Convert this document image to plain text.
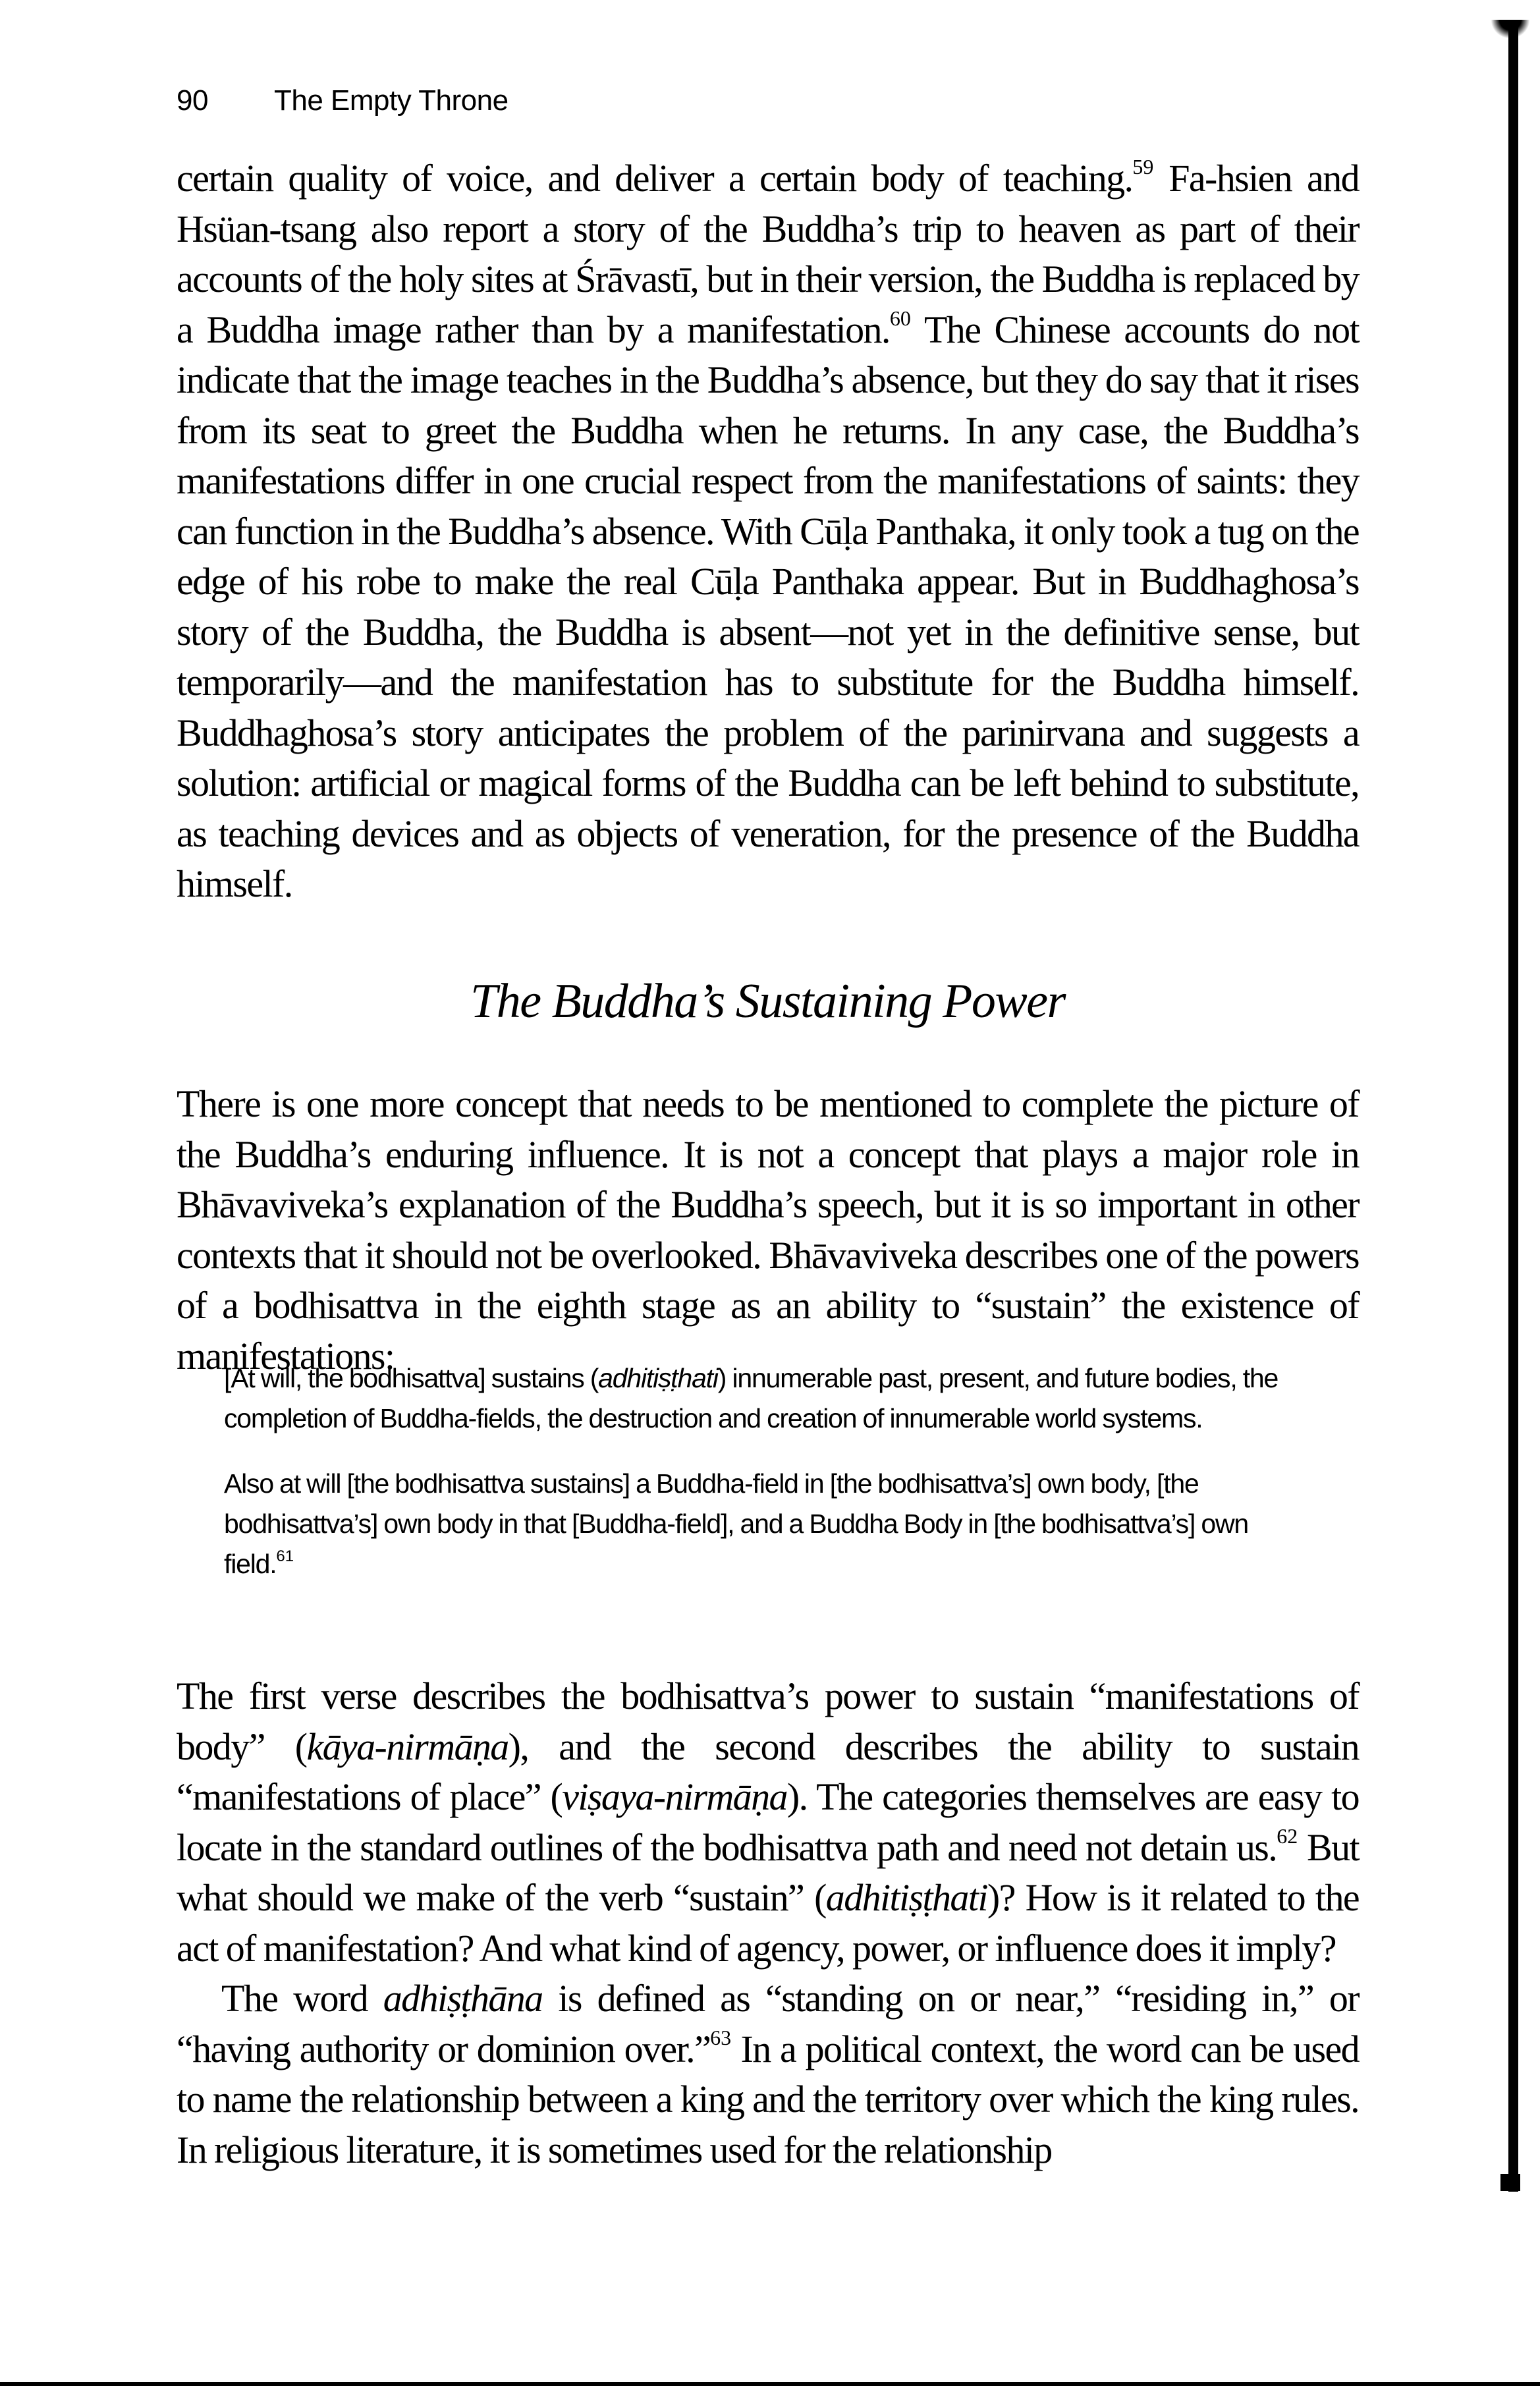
90 The Empty Throne

certain quality of voice, and deliver a certain body of teaching.$^{59}$ Fa-hsien and Hsüan-tsang also report a story of the Buddha’s trip to heaven as part of their accounts of the holy sites at Śrāvastī, but in their version, the Buddha is replaced by a Buddha image rather than by a manifestation.$^{60}$ The Chinese accounts do not indicate that the image teaches in the Buddha’s absence, but they do say that it rises from its seat to greet the Buddha when he returns. In any case, the Buddha’s manifestations differ in one crucial respect from the manifestations of saints: they can function in the Buddha’s absence. With Cūḷa Panthaka, it only took a tug on the edge of his robe to make the real Cūḷa Panthaka appear. But in Buddhaghosa’s story of the Buddha, the Buddha is absent—not yet in the definitive sense, but temporarily—and the manifestation has to substitute for the Buddha himself. Buddhaghosa’s story anticipates the problem of the parinirvana and suggests a solution: artificial or magical forms of the Buddha can be left behind to substitute, as teaching devices and as objects of veneration, for the presence of the Buddha himself.

The Buddha’s Sustaining Power

There is one more concept that needs to be mentioned to complete the picture of the Buddha’s enduring influence. It is not a concept that plays a major role in Bhāvaviveka’s explanation of the Buddha’s speech, but it is so important in other contexts that it should not be overlooked. Bhāvaviveka describes one of the powers of a bodhisattva in the eighth stage as an ability to “sustain” the existence of manifestations:

[At will, the bodhisattva] sustains (adhitiṣṭhati) innumerable past, present, and future bodies, the completion of Buddha-fields, the destruction and creation of innumerable world systems.

Also at will [the bodhisattva sustains] a Buddha-field in [the bodhisattva’s] own body, [the bodhisattva’s] own body in that [Buddha-field], and a Buddha Body in [the bodhisattva’s] own field.$^{61}$

The first verse describes the bodhisattva’s power to sustain “manifestations of body” (kāya-nirmāṇa), and the second describes the ability to sustain “manifestations of place” (viṣaya-nirmāṇa). The categories themselves are easy to locate in the standard outlines of the bodhisattva path and need not detain us.$^{62}$ But what should we make of the verb “sustain” (adhitiṣṭhati)? How is it related to the act of manifestation? And what kind of agency, power, or influence does it imply?

The word adhiṣṭhāna is defined as “standing on or near,” “residing in,” or “having authority or dominion over.”$^{63}$ In a political context, the word can be used to name the relationship between a king and the territory over which the king rules. In religious literature, it is sometimes used for the relationship
